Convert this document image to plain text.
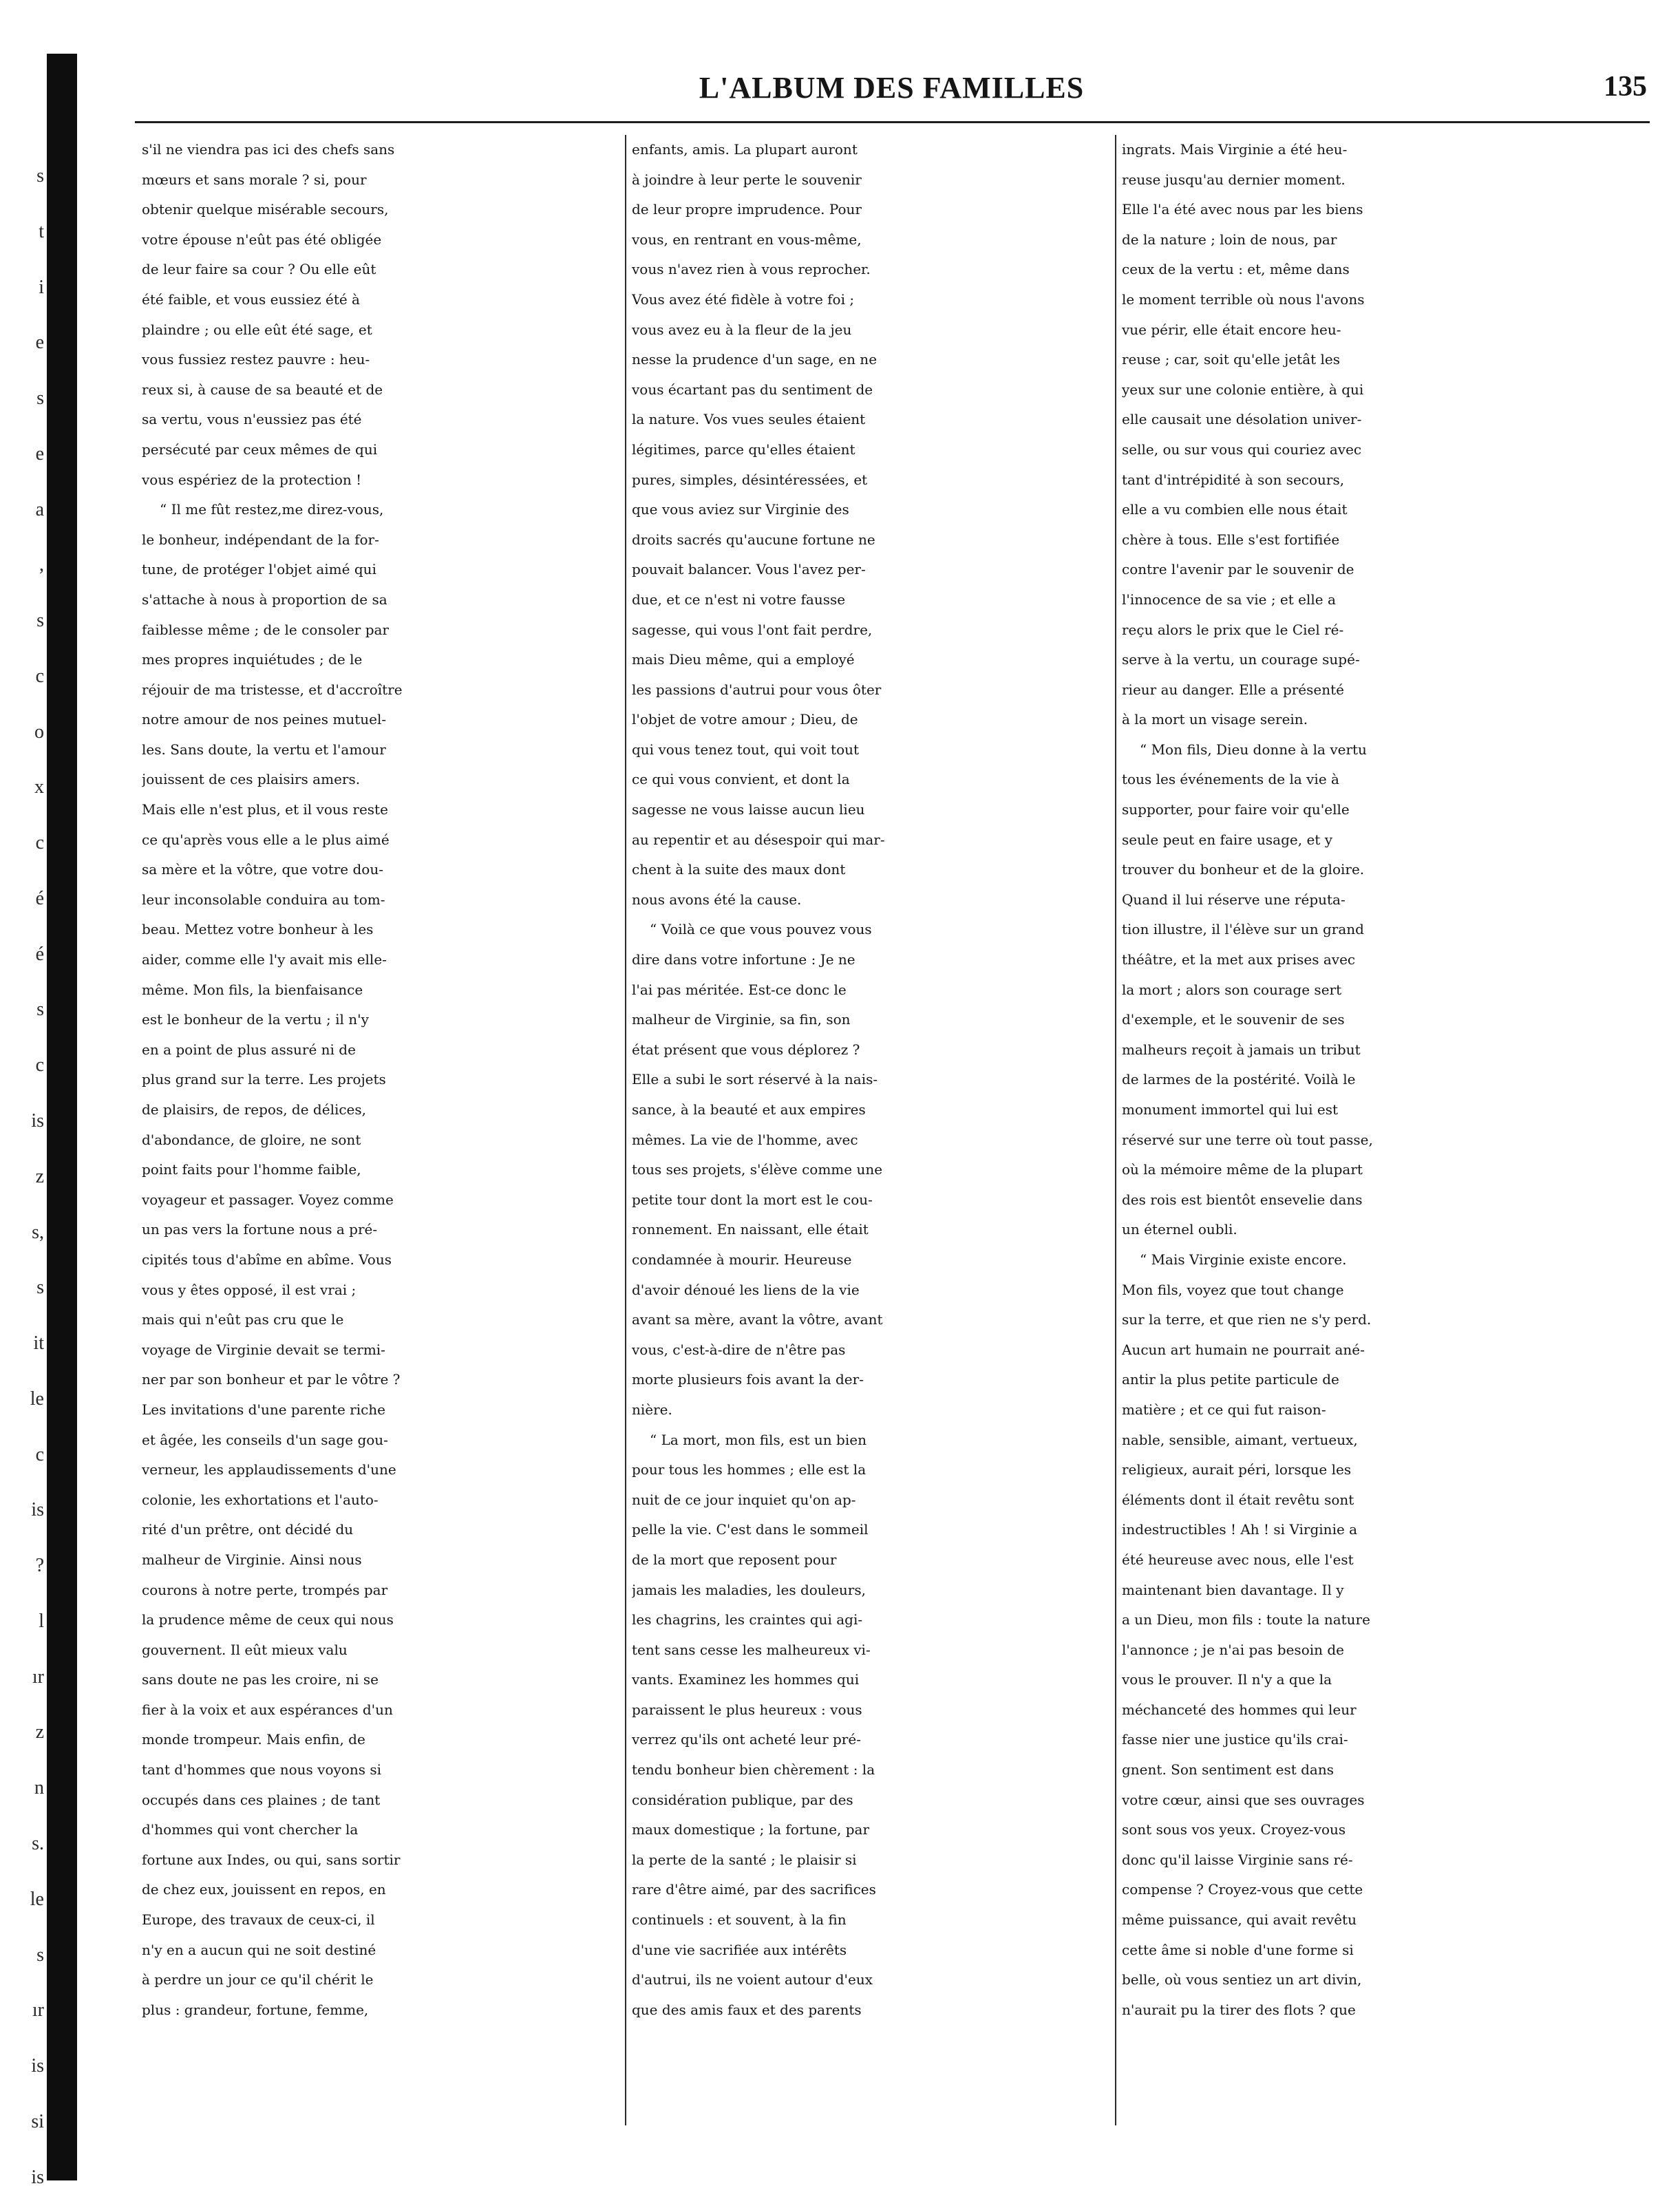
s
t
i
e
s
e
a
,
s
c
o
x
c
é
é
s
c
is
z
s,
s
it
le
c
is
?
l
ır
z
n
s.
le
s
ır
is
si
is
L'ALBUM DES FAMILLES	135
s'il ne viendra pas ici des chefs sans
mœurs et sans morale ? si, pour
obtenir quelque misérable secours,
votre épouse n'eût pas été obligée
de leur faire sa cour ? Ou elle eût
été faible, et vous eussiez été à
plaindre ; ou elle eût été sage, et
vous fussiez restez pauvre : heu-
reux si, à cause de sa beauté et de
sa vertu, vous n'eussiez pas été
persécuté par ceux mêmes de qui
vous espériez de la protection !
“ Il me fût restez,me direz-vous,
le bonheur, indépendant de la for-
tune, de protéger l'objet aimé qui
s'attache à nous à proportion de sa
faiblesse même ; de le consoler par
mes propres inquiétudes ; de le
réjouir de ma tristesse, et d'accroître
notre amour de nos peines mutuel-
les. Sans doute, la vertu et l'amour
jouissent de ces plaisirs amers.
Mais elle n'est plus, et il vous reste
ce qu'après vous elle a le plus aimé
sa mère et la vôtre, que votre dou-
leur inconsolable conduira au tom-
beau. Mettez votre bonheur à les
aider, comme elle l'y avait mis elle-
même. Mon fils, la bienfaisance
est le bonheur de la vertu ; il n'y
en a point de plus assuré ni de
plus grand sur la terre. Les projets
de plaisirs, de repos, de délices,
d'abondance, de gloire, ne sont
point faits pour l'homme faible,
voyageur et passager. Voyez comme
un pas vers la fortune nous a pré-
cipités tous d'abîme en abîme. Vous
vous y êtes opposé, il est vrai ;
mais qui n'eût pas cru que le
voyage de Virginie devait se termi-
ner par son bonheur et par le vôtre ?
Les invitations d'une parente riche
et âgée, les conseils d'un sage gou-
verneur, les applaudissements d'une
colonie, les exhortations et l'auto-
rité d'un prêtre, ont décidé du
malheur de Virginie. Ainsi nous
courons à notre perte, trompés par
la prudence même de ceux qui nous
gouvernent. Il eût mieux valu
sans doute ne pas les croire, ni se
fier à la voix et aux espérances d'un
monde trompeur. Mais enfin, de
tant d'hommes que nous voyons si
occupés dans ces plaines ; de tant
d'hommes qui vont chercher la
fortune aux Indes, ou qui, sans sortir
de chez eux, jouissent en repos, en
Europe, des travaux de ceux-ci, il
n'y en a aucun qui ne soit destiné
à perdre un jour ce qu'il chérit le
plus : grandeur, fortune, femme,
enfants, amis. La plupart auront
à joindre à leur perte le souvenir
de leur propre imprudence. Pour
vous, en rentrant en vous-même,
vous n'avez rien à vous reprocher.
Vous avez été fidèle à votre foi ;
vous avez eu à la fleur de la jeu
nesse la prudence d'un sage, en ne
vous écartant pas du sentiment de
la nature. Vos vues seules étaient
légitimes, parce qu'elles étaient
pures, simples, désintéressées, et
que vous aviez sur Virginie des
droits sacrés qu'aucune fortune ne
pouvait balancer. Vous l'avez per-
due, et ce n'est ni votre fausse
sagesse, qui vous l'ont fait perdre,
mais Dieu même, qui a employé
les passions d'autrui pour vous ôter
l'objet de votre amour ; Dieu, de
qui vous tenez tout, qui voit tout
ce qui vous convient, et dont la
sagesse ne vous laisse aucun lieu
au repentir et au désespoir qui mar-
chent à la suite des maux dont
nous avons été la cause.
“ Voilà ce que vous pouvez vous
dire dans votre infortune : Je ne
l'ai pas méritée. Est-ce donc le
malheur de Virginie, sa fin, son
état présent que vous déplorez ?
Elle a subi le sort réservé à la nais-
sance, à la beauté et aux empires
mêmes. La vie de l'homme, avec
tous ses projets, s'élève comme une
petite tour dont la mort est le cou-
ronnement. En naissant, elle était
condamnée à mourir. Heureuse
d'avoir dénoué les liens de la vie
avant sa mère, avant la vôtre, avant
vous, c'est-à-dire de n'être pas
morte plusieurs fois avant la der-
nière.
“ La mort, mon fils, est un bien
pour tous les hommes ; elle est la
nuit de ce jour inquiet qu'on ap-
pelle la vie. C'est dans le sommeil
de la mort que reposent pour
jamais les maladies, les douleurs,
les chagrins, les craintes qui agi-
tent sans cesse les malheureux vi-
vants. Examinez les hommes qui
paraissent le plus heureux : vous
verrez qu'ils ont acheté leur pré-
tendu bonheur bien chèrement : la
considération publique, par des
maux domestique ; la fortune, par
la perte de la santé ; le plaisir si
rare d'être aimé, par des sacrifices
continuels : et souvent, à la fin
d'une vie sacrifiée aux intérêts
d'autrui, ils ne voient autour d'eux
que des amis faux et des parents
ingrats. Mais Virginie a été heu-
reuse jusqu'au dernier moment.
Elle l'a été avec nous par les biens
de la nature ; loin de nous, par
ceux de la vertu : et, même dans
le moment terrible où nous l'avons
vue périr, elle était encore heu-
reuse ; car, soit qu'elle jetât les
yeux sur une colonie entière, à qui
elle causait une désolation univer-
selle, ou sur vous qui couriez avec
tant d'intrépidité à son secours,
elle a vu combien elle nous était
chère à tous. Elle s'est fortifiée
contre l'avenir par le souvenir de
l'innocence de sa vie ; et elle a
reçu alors le prix que le Ciel ré-
serve à la vertu, un courage supé-
rieur au danger. Elle a présenté
à la mort un visage serein.
“ Mon fils, Dieu donne à la vertu
tous les événements de la vie à
supporter, pour faire voir qu'elle
seule peut en faire usage, et y
trouver du bonheur et de la gloire.
Quand il lui réserve une réputa-
tion illustre, il l'élève sur un grand
théâtre, et la met aux prises avec
la mort ; alors son courage sert
d'exemple, et le souvenir de ses
malheurs reçoit à jamais un tribut
de larmes de la postérité. Voilà le
monument immortel qui lui est
réservé sur une terre où tout passe,
où la mémoire même de la plupart
des rois est bientôt ensevelie dans
un éternel oubli.
“ Mais Virginie existe encore.
Mon fils, voyez que tout change
sur la terre, et que rien ne s'y perd.
Aucun art humain ne pourrait ané-
antir la plus petite particule de
matière ; et ce qui fut raison-
nable, sensible, aimant, vertueux,
religieux, aurait péri, lorsque les
éléments dont il était revêtu sont
indestructibles ! Ah ! si Virginie a
été heureuse avec nous, elle l'est
maintenant bien davantage. Il y
a un Dieu, mon fils : toute la nature
l'annonce ; je n'ai pas besoin de
vous le prouver. Il n'y a que la
méchanceté des hommes qui leur
fasse nier une justice qu'ils crai-
gnent. Son sentiment est dans
votre cœur, ainsi que ses ouvrages
sont sous vos yeux. Croyez-vous
donc qu'il laisse Virginie sans ré-
compense ? Croyez-vous que cette
même puissance, qui avait revêtu
cette âme si noble d'une forme si
belle, où vous sentiez un art divin,
n'aurait pu la tirer des flots ? que
